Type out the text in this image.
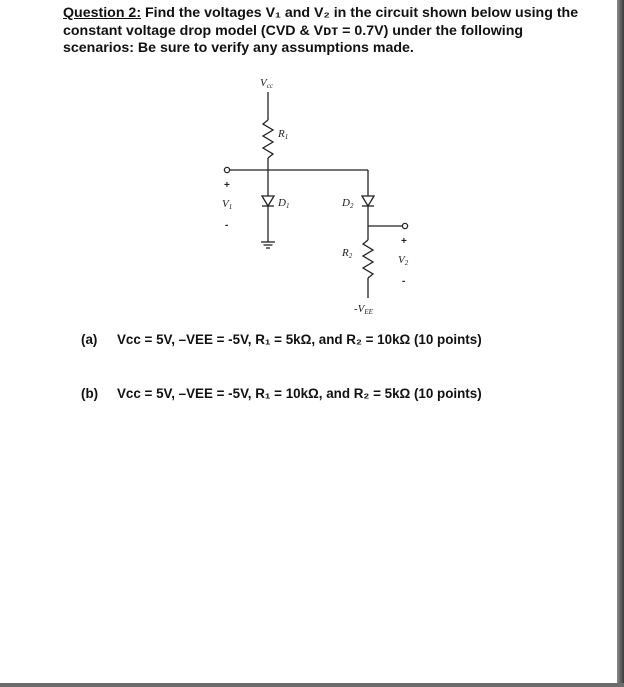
Question 2: Find the voltages V₁ and V₂ in the circuit shown below using the constant voltage drop model (CVD & Vᴅᴛ = 0.7V) under the following scenarios: Be sure to verify any assumptions made.

Vcc
R1
D1	D2
R2
-VEE
+
V1
-
+
V2
-
(a) Vcc = 5V, –VEE = -5V, R₁ = 5kΩ, and R₂ = 10kΩ (10 points)
(b) Vcc = 5V, –VEE = -5V, R₁ = 10kΩ, and R₂ = 5kΩ (10 points)
